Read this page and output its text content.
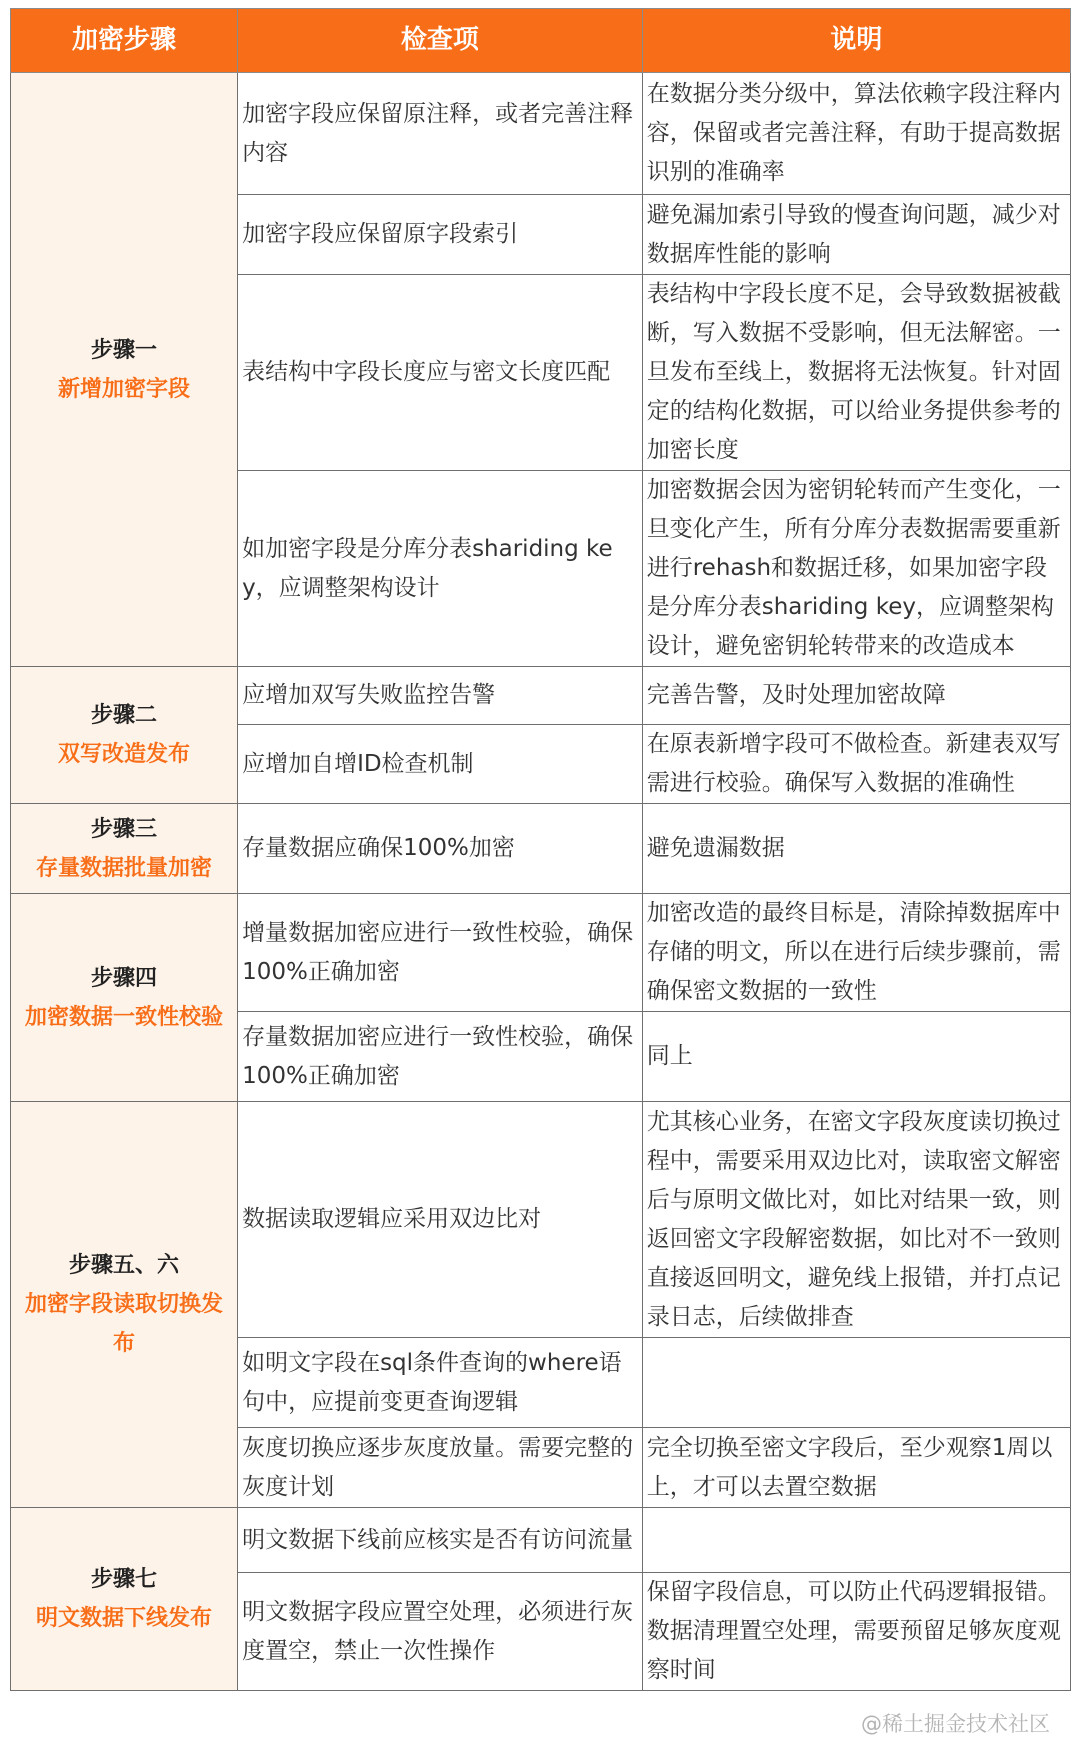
加密步骤	检查项	说明

步骤一
新增加密字段	加密字段应保留原注释，或者完善注释内容	在数据分类分级中，算法依赖字段注释内容，保留或者完善注释，有助于提高数据识别的准确率
	加密字段应保留原字段索引	避免漏加索引导致的慢查询问题，减少对数据库性能的影响
	表结构中字段长度应与密文长度匹配	表结构中字段长度不足，会导致数据被截断，写入数据不受影响，但无法解密。一旦发布至线上，数据将无法恢复。针对固定的结构化数据，可以给业务提供参考的加密长度
	如加密字段是分库分表shariding key，应调整架构设计	加密数据会因为密钥轮转而产生变化，一旦变化产生，所有分库分表数据需要重新进行rehash和数据迁移，如果加密字段是分库分表shariding key，应调整架构设计，避免密钥轮转带来的改造成本

步骤二
双写改造发布	应增加双写失败监控告警	完善告警，及时处理加密故障
	应增加自增ID检查机制	在原表新增字段可不做检查。新建表双写需进行校验。确保写入数据的准确性

步骤三
存量数据批量加密	存量数据应确保100%加密	避免遗漏数据

步骤四
加密数据一致性校验	增量数据加密应进行一致性校验，确保100%正确加密	加密改造的最终目标是，清除掉数据库中存储的明文，所以在进行后续步骤前，需确保密文数据的一致性
	存量数据加密应进行一致性校验，确保100%正确加密	同上

步骤五、六
加密字段读取切换发布	数据读取逻辑应采用双边比对	尤其核心业务，在密文字段灰度读切换过程中，需要采用双边比对，读取密文解密后与原明文做比对，如比对结果一致，则返回密文字段解密数据，如比对不一致则直接返回明文，避免线上报错，并打点记录日志，后续做排查
	如明文字段在sql条件查询的where语句中，应提前变更查询逻辑	
	灰度切换应逐步灰度放量。需要完整的灰度计划	完全切换至密文字段后，至少观察1周以上，才可以去置空数据

步骤七
明文数据下线发布	明文数据下线前应核实是否有访问流量	
	明文数据字段应置空处理，必须进行灰度置空，禁止一次性操作	保留字段信息，可以防止代码逻辑报错。数据清理置空处理，需要预留足够灰度观察时间
@稀土掘金技术社区
